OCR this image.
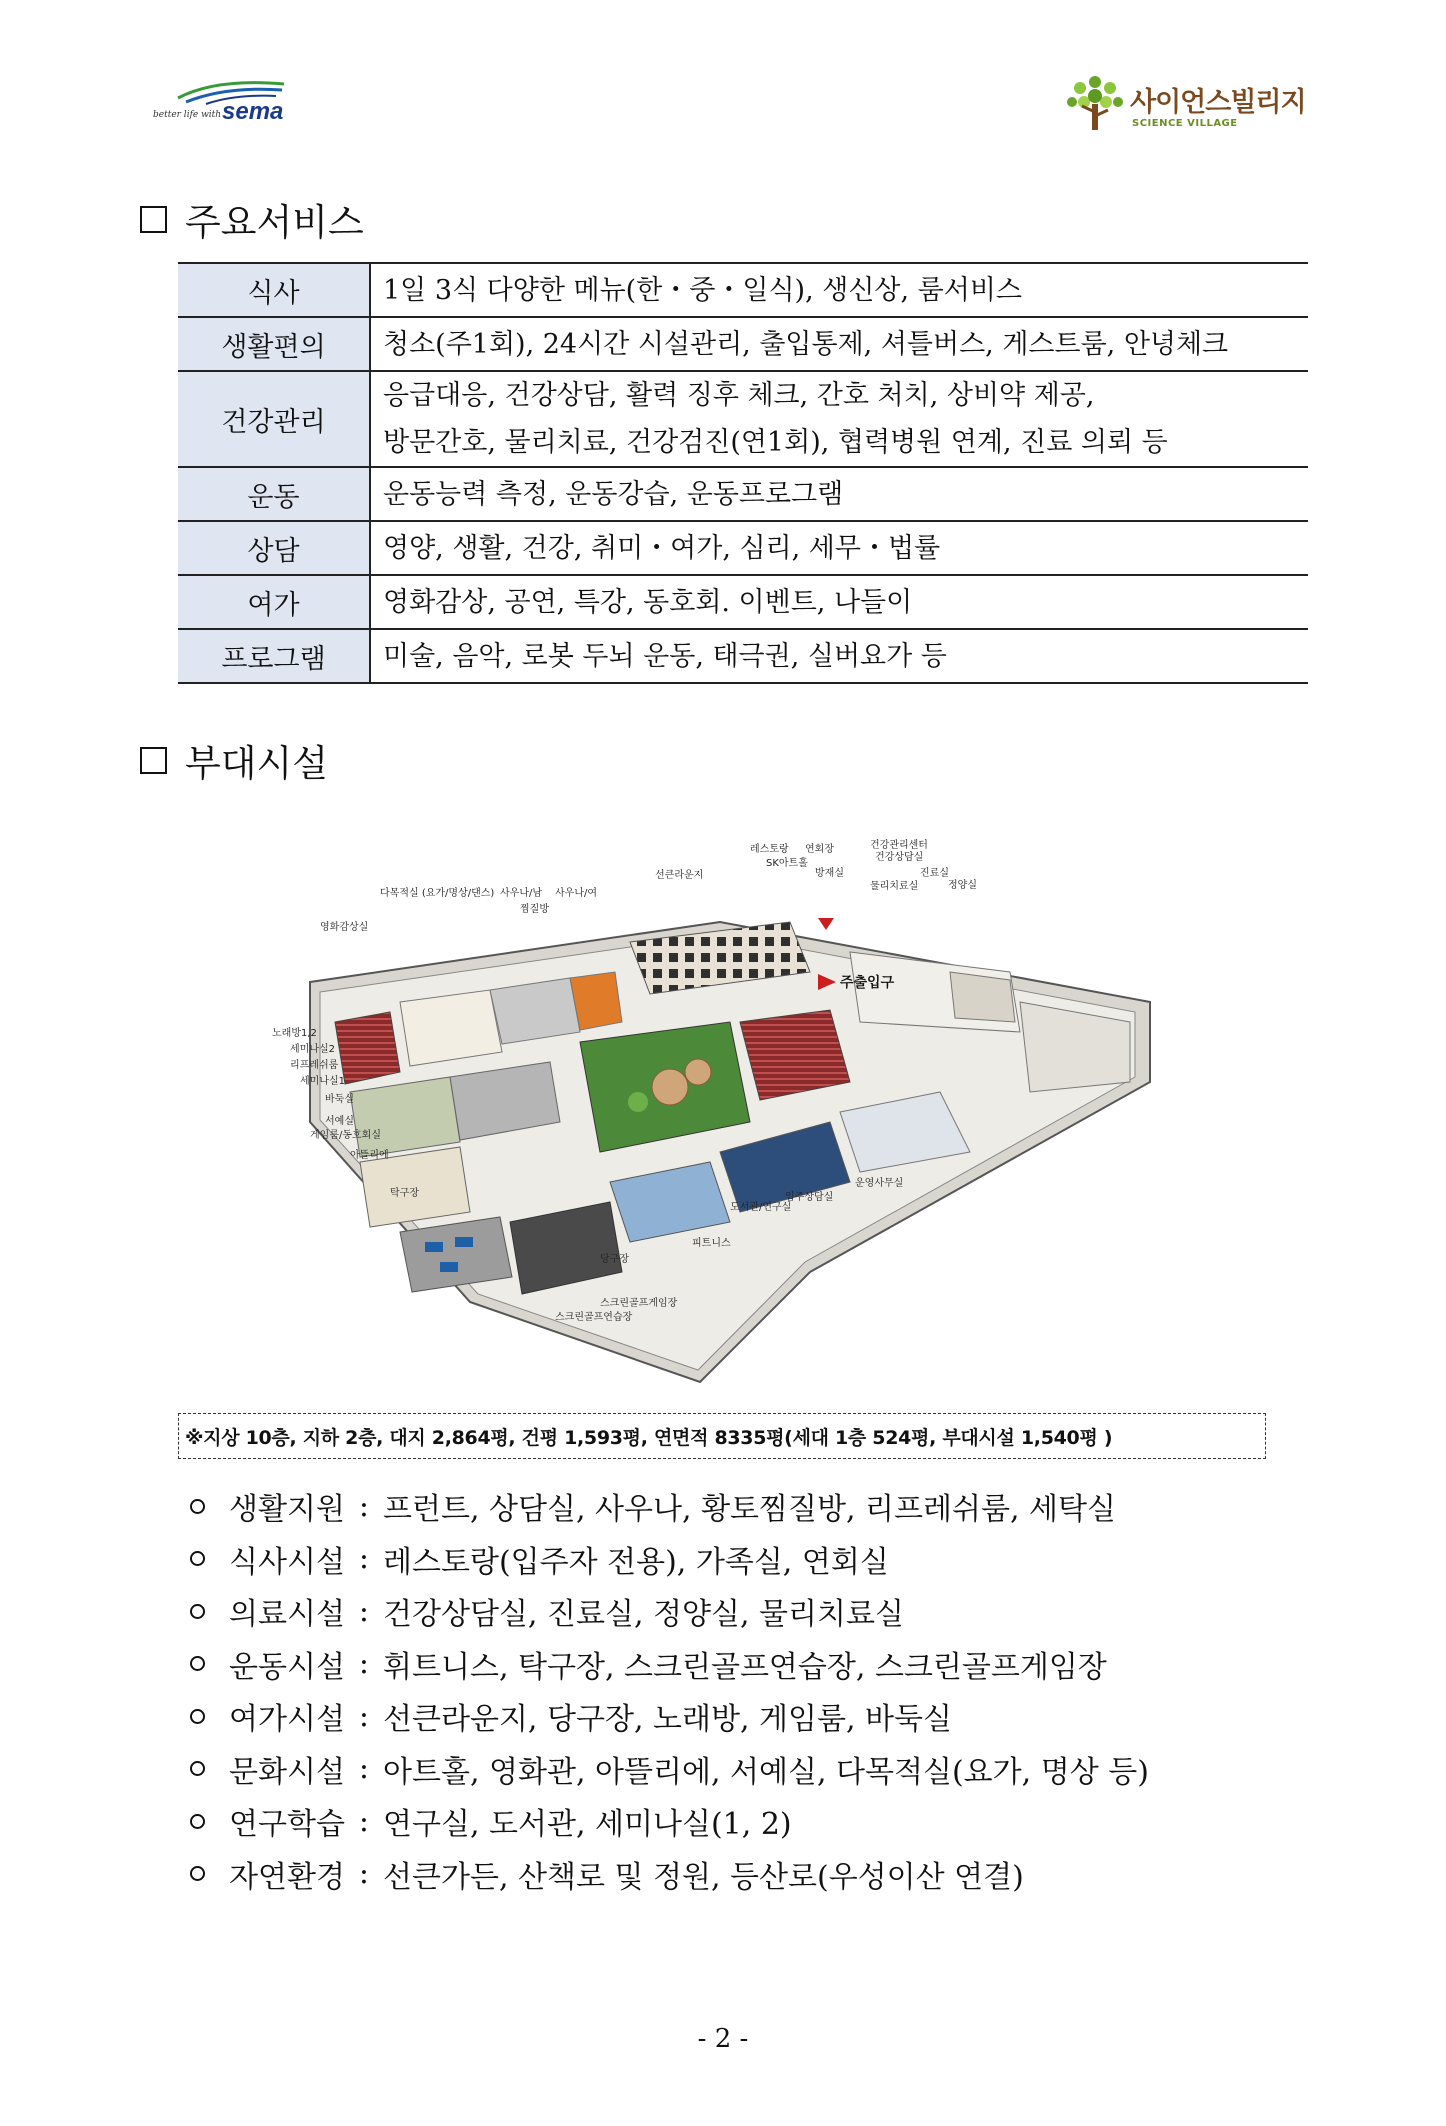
better life with sema	사이언스빌리지
SCIENCE VILLAGE
주요서비스
식사	1일 3식 다양한 메뉴(한・중・일식), 생신상, 룸서비스

생활편의	청소(주1회), 24시간 시설관리, 출입통제, 셔틀버스, 게스트룸, 안녕체크

건강관리	응급대응, 건강상담, 활력 징후 체크, 간호 처치, 상비약 제공,
방문간호, 물리치료, 건강검진(연1회), 협력병원 연계, 진료 의뢰 등

운동	운동능력 측정, 운동강습, 운동프로그램

상담	영양, 생활, 건강, 취미・여가, 심리, 세무・법률

여가	영화감상, 공연, 특강, 동호회. 이벤트, 나들이

프로그램	미술, 음악, 로봇 두뇌 운동, 태극권, 실버요가 등
부대시설
레스토랑 연회장
SK아트홀
건강관리센터
건강상담실
선큰라운지	방재실	진료실
물리치료실	정양실
다목적실 (요가/명상/댄스) 사우나/남
찜질방
사우나/여
영화감상실
노래방1,2
세미나실2
리프레쉬룸
세미나실1
바둑실
서예실
게임룸/동호회실
아뜰리에
탁구장
당구장
스크린골프게임장
스크린골프연습장
피트니스
도서관/연구실
입주상담실
운영사무실
주출입구
※지상 10층, 지하 2층, 대지 2,864평, 건평 1,593평, 연면적 8335평(세대 1층 524평, 부대시설 1,540평 )
생활지원 : 프런트, 상담실, 사우나, 황토찜질방, 리프레쉬룸, 세탁실
식사시설 : 레스토랑(입주자 전용), 가족실, 연회실
의료시설 : 건강상담실, 진료실, 정양실, 물리치료실
운동시설 : 휘트니스, 탁구장, 스크린골프연습장, 스크린골프게임장
여가시설 : 선큰라운지, 당구장, 노래방, 게임룸, 바둑실
문화시설 : 아트홀, 영화관, 아뜰리에, 서예실, 다목적실(요가, 명상 등)
연구학습 : 연구실, 도서관, 세미나실(1, 2)
자연환경 : 선큰가든, 산책로 및 정원, 등산로(우성이산 연결)
- 2 -
